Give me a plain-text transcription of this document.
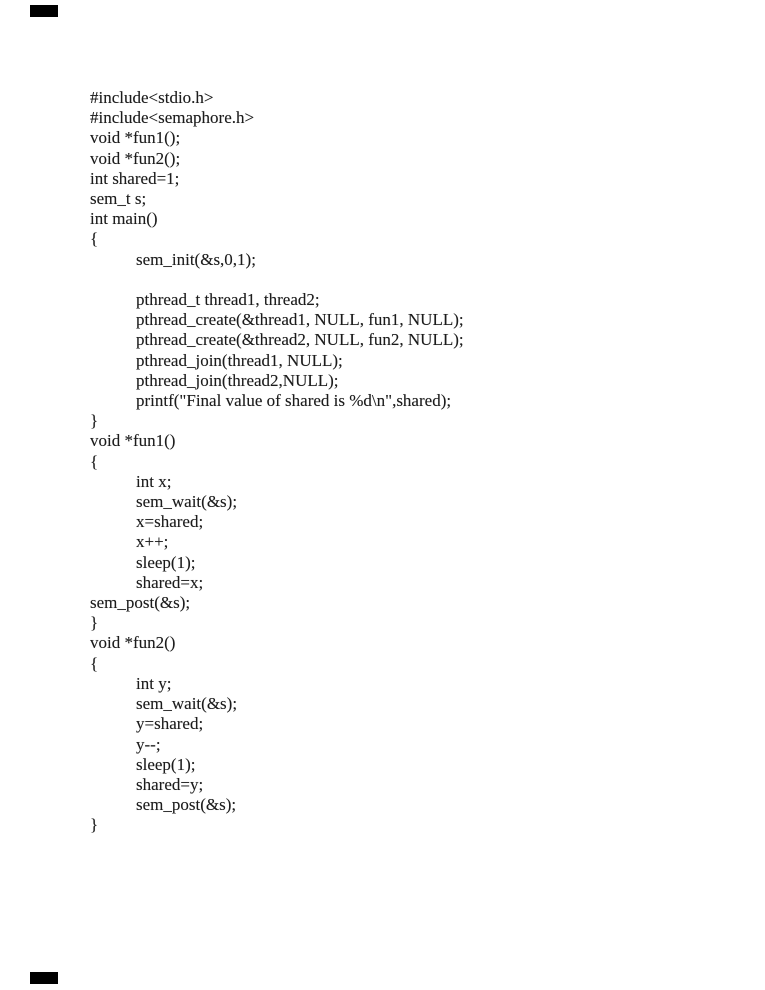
#include<stdio.h>
#include<semaphore.h>
void *fun1();
void *fun2();
int shared=1;
sem_t s;
int main()
{
sem_init(&s,0,1);

pthread_t thread1, thread2;
pthread_create(&thread1, NULL, fun1, NULL);
pthread_create(&thread2, NULL, fun2, NULL);
pthread_join(thread1, NULL);
pthread_join(thread2,NULL);
printf("Final value of shared is %d\n",shared);
}
void *fun1()
{
int x;
sem_wait(&s);
x=shared;
x++;
sleep(1);
shared=x;
sem_post(&s);
}
void *fun2()
{
int y;
sem_wait(&s);
y=shared;
y--;
sleep(1);
shared=y;
sem_post(&s);
}
